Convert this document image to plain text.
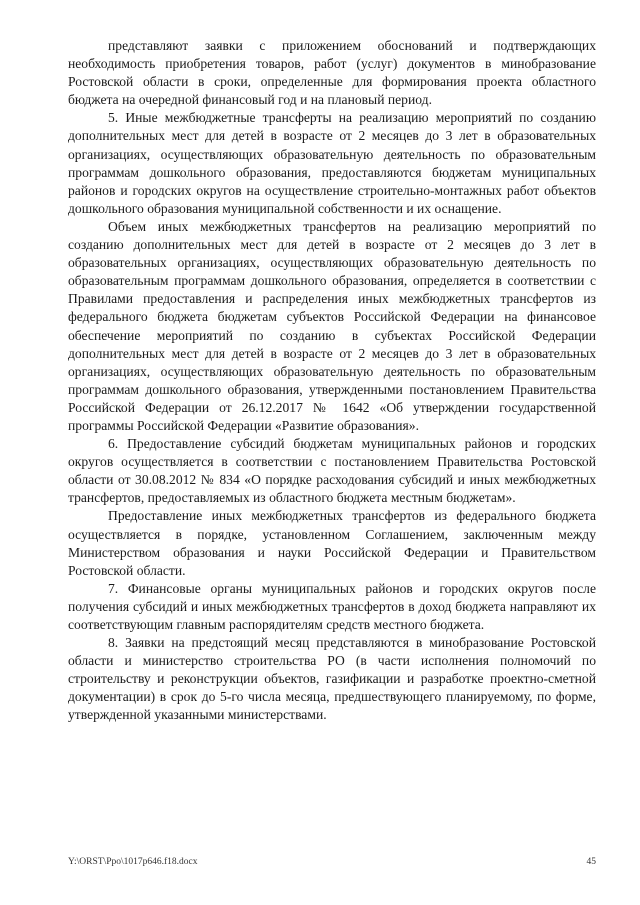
представляют заявки с приложением обоснований и подтверждающих необходимость приобретения товаров, работ (услуг) документов в минобразование Ростовской области в сроки, определенные для формирования проекта областного бюджета на очередной финансовый год и на плановый период.

5. Иные межбюджетные трансферты на реализацию мероприятий по созданию дополнительных мест для детей в возрасте от 2 месяцев до 3 лет в образовательных организациях, осуществляющих образовательную деятельность по образовательным программам дошкольного образования, предоставляются бюджетам муниципальных районов и городских округов на осуществление строительно-монтажных работ объектов дошкольного образования муниципальной собственности и их оснащение.

Объем иных межбюджетных трансфертов на реализацию мероприятий по созданию дополнительных мест для детей в возрасте от 2 месяцев до 3 лет в образовательных организациях, осуществляющих образовательную деятельность по образовательным программам дошкольного образования, определяется в соответствии с Правилами предоставления и распределения иных межбюджетных трансфертов из федерального бюджета бюджетам субъектов Российской Федерации на финансовое обеспечение мероприятий по созданию в субъектах Российской Федерации дополнительных мест для детей в возрасте от 2 месяцев до 3 лет в образовательных организациях, осуществляющих образовательную деятельность по образовательным программам дошкольного образования, утвержденными постановлением Правительства Российской Федерации от 26.12.2017 № 1642 «Об утверждении государственной программы Российской Федерации «Развитие образования».

6. Предоставление субсидий бюджетам муниципальных районов и городских округов осуществляется в соответствии с постановлением Правительства Ростовской области от 30.08.2012 № 834 «О порядке расходования субсидий и иных межбюджетных трансфертов, предоставляемых из областного бюджета местным бюджетам».

Предоставление иных межбюджетных трансфертов из федерального бюджета осуществляется в порядке, установленном Соглашением, заключенным между Министерством образования и науки Российской Федерации и Правительством Ростовской области.

7. Финансовые органы муниципальных районов и городских округов после получения субсидий и иных межбюджетных трансфертов в доход бюджета направляют их соответствующим главным распорядителям средств местного бюджета.

8. Заявки на предстоящий месяц представляются в минобразование Ростовской области и министерство строительства РО (в части исполнения полномочий по строительству и реконструкции объектов, газификации и разработке проектно-сметной документации) в срок до 5-го числа месяца, предшествующего планируемому, по форме, утвержденной указанными министерствами.

Y:\ORST\Ppo\1017p646.f18.docx	45
